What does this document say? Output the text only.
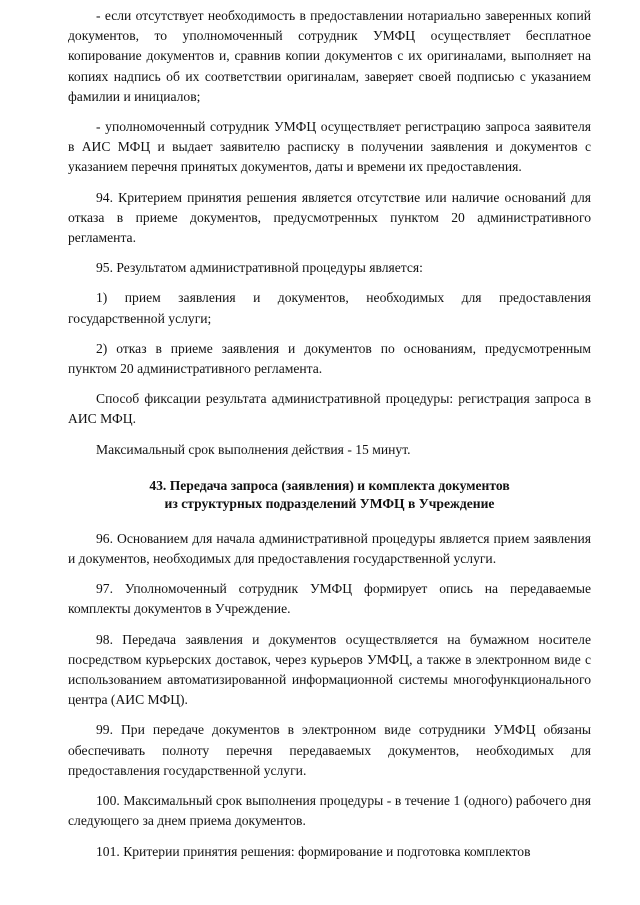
- если отсутствует необходимость в предоставлении нотариально заверенных копий документов, то уполномоченный сотрудник УМФЦ осуществляет бесплатное копирование документов и, сравнив копии документов с их оригиналами, выполняет на копиях надпись об их соответствии оригиналам, заверяет своей подписью с указанием фамилии и инициалов;

- уполномоченный сотрудник УМФЦ осуществляет регистрацию запроса заявителя в АИС МФЦ и выдает заявителю расписку в получении заявления и документов с указанием перечня принятых документов, даты и времени их предоставления.

94. Критерием принятия решения является отсутствие или наличие оснований для отказа в приеме документов, предусмотренных пунктом 20 административного регламента.

95. Результатом административной процедуры является:

1) прием заявления и документов, необходимых для предоставления государственной услуги;

2) отказ в приеме заявления и документов по основаниям, предусмотренным пунктом 20 административного регламента.

Способ фиксации результата административной процедуры: регистрация запроса в АИС МФЦ.

Максимальный срок выполнения действия - 15 минут.

43. Передача запроса (заявления) и комплекта документов
из структурных подразделений УМФЦ в Учреждение

96. Основанием для начала административной процедуры является прием заявления и документов, необходимых для предоставления государственной услуги.

97. Уполномоченный сотрудник УМФЦ формирует опись на передаваемые комплекты документов в Учреждение.

98. Передача заявления и документов осуществляется на бумажном носителе посредством курьерских доставок, через курьеров УМФЦ, а также в электронном виде с использованием автоматизированной информационной системы многофункционального центра (АИС МФЦ).

99. При передаче документов в электронном виде сотрудники УМФЦ обязаны обеспечивать полноту перечня передаваемых документов, необходимых для предоставления государственной услуги.

100. Максимальный срок выполнения процедуры - в течение 1 (одного) рабочего дня следующего за днем приема документов.

101. Критерии принятия решения: формирование и подготовка комплектов
